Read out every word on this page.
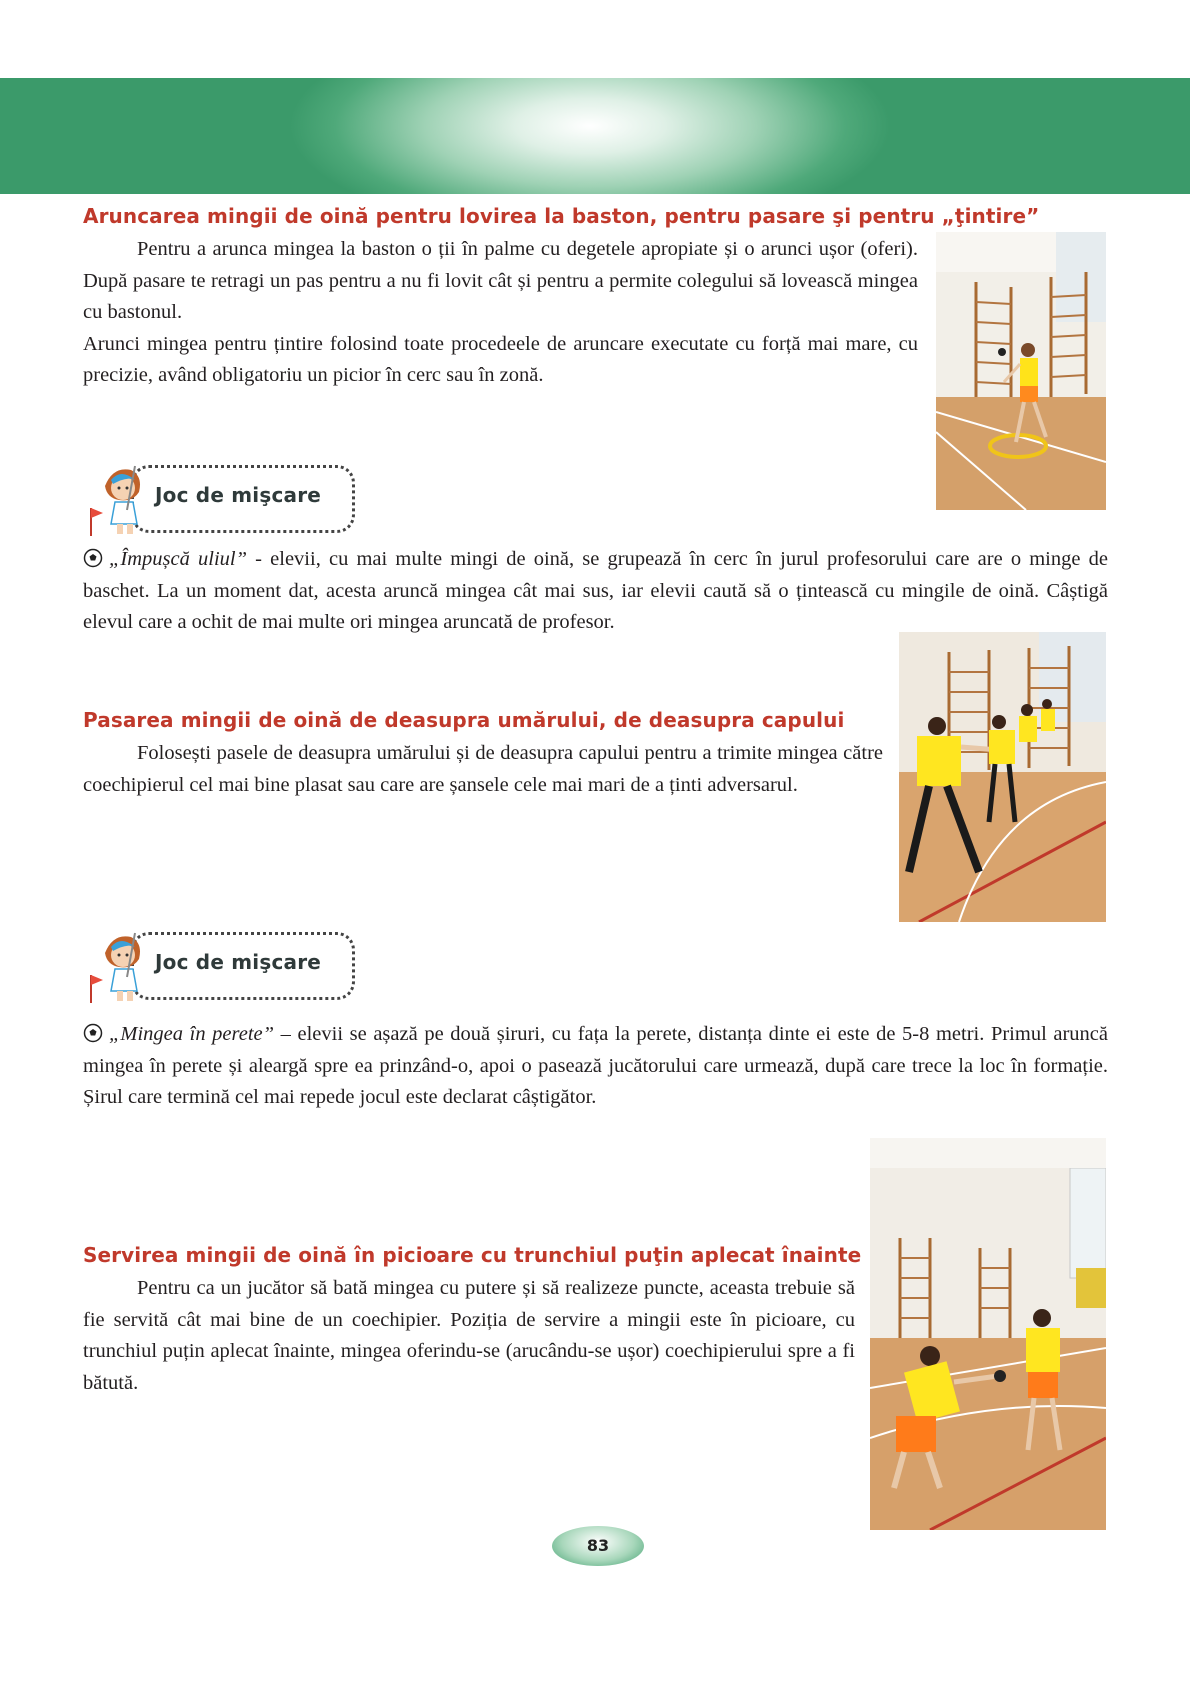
Aruncarea mingii de oină pentru lovirea la baston, pentru pasare şi pentru „ţintire”

Pentru a arunca mingea la baston o ții în palme cu degetele apropiate și o arunci ușor (oferi). După pasare te retragi un pas pentru a nu fi lovit cât și pentru a permite colegului să lovească mingea cu bastonul.

Arunci mingea pentru țintire folosind toate procedeele de aruncare executate cu forță mai mare, cu precizie, având obligatoriu un picior în cerc sau în zonă.

Joc de mişcare

„Împușcă uliul” - elevii, cu mai multe mingi de oină, se grupează în cerc în jurul profesorului care are o minge de baschet. La un moment dat, acesta aruncă mingea cât mai sus, iar elevii caută să o țintească cu mingile de oină. Câștigă elevul care a ochit de mai multe ori mingea aruncată de profesor.

Pasarea mingii de oină de deasupra umărului, de deasupra capului

Folosești pasele de deasupra umărului și de deasupra capului pentru a trimite mingea către coechipierul cel mai bine plasat sau care are șansele cele mai mari de a ținti adversarul.

Joc de mişcare

„Mingea în perete” – elevii se așază pe două șiruri, cu fața la perete, distanța dinte ei este de 5-8 metri. Primul aruncă mingea în perete și aleargă spre ea prinzând-o, apoi o pasează jucătorului care urmează, după care trece la loc în formație. Șirul care termină cel mai repede jocul este declarat câștigător.

Servirea mingii de oină în picioare cu trunchiul puţin aplecat înainte

Pentru ca un jucător să bată mingea cu putere și să realizeze puncte, aceasta trebuie să fie servită cât mai bine de un coechipier. Poziția de servire a mingii este în picioare, cu trunchiul puțin aplecat înainte, mingea oferindu-se (arucându-se ușor) coechipierului spre a fi bătută.

83
